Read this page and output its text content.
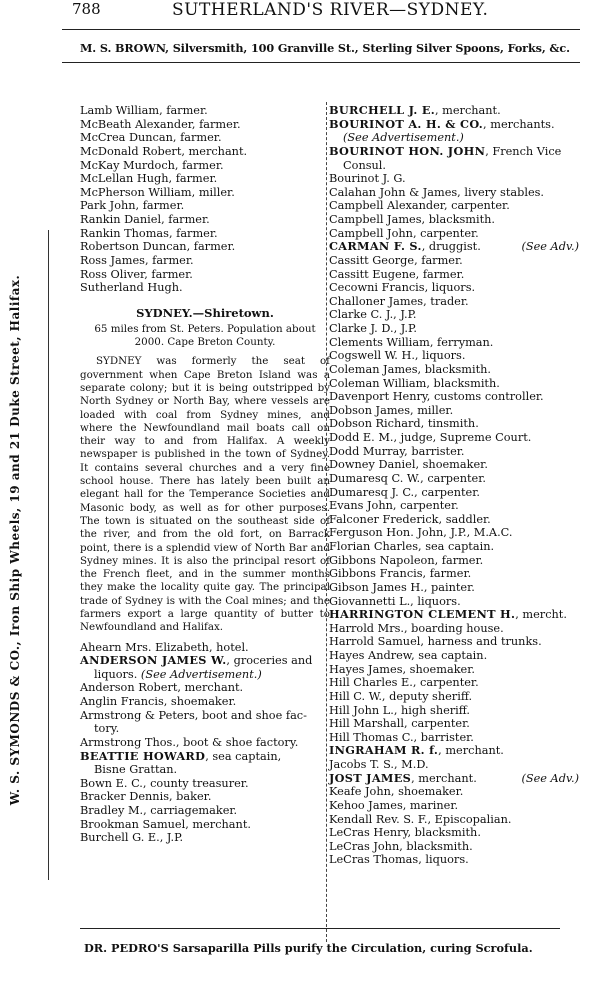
788	SUTHERLAND'S RIVER—SYDNEY.
M. S. BROWN, Silversmith, 100 Granville St., Sterling Silver Spoons, Forks, &c.
W. S. SYMONDS & CO., Iron Ship Wheels, 19 and 21 Duke Street, Halifax.
Lamb William, farmer.
McBeath Alexander, farmer.
McCrea Duncan, farmer.
McDonald Robert, merchant.
McKay Murdoch, farmer.
McLellan Hugh, farmer.
McPherson William, miller.
Park John, farmer.
Rankin Daniel, farmer.
Rankin Thomas, farmer.
Robertson Duncan, farmer.
Ross James, farmer.
Ross Oliver, farmer.
Sutherland Hugh.
SYDNEY.—Shiretown.
65 miles from St. Peters. Population about 2000. Cape Breton County.
SYDNEY was formerly the seat of government when Cape Breton Island was a separate colony; but it is being outstripped by North Sydney or North Bay, where vessels are loaded with coal from Sydney mines, and where the Newfoundland mail boats call on their way to and from Halifax. A weekly newspaper is published in the town of Sydney. It contains several churches and a very fine school house. There has lately been built an elegant hall for the Temperance Societies and Masonic body, as well as for other purposes. The town is situated on the southeast side of the river, and from the old fort, on Barrack point, there is a splendid view of North Bar and Sydney mines. It is also the principal resort of the French fleet, and in the summer months they make the locality quite gay. The principal trade of Sydney is with the Coal mines; and the farmers export a large quantity of butter to Newfoundland and Halifax.
Ahearn Mrs. Elizabeth, hotel.
ANDERSON JAMES W., groceries and
liquors. (See Advertisement.)
Anderson Robert, merchant.
Anglin Francis, shoemaker.
Armstrong & Peters, boot and shoe fac-
tory.
Armstrong Thos., boot & shoe factory.
BEATTIE HOWARD, sea captain,
Bisne Grattan.
Bown E. C., county treasurer.
Bracker Dennis, baker.
Bradley M., carriagemaker.
Brookman Samuel, merchant.
Burchell G. E., J.P.
BURCHELL J. E., merchant.
BOURINOT A. H. & CO., merchants.
(See Advertisement.)
BOURINOT HON. JOHN, French Vice
Consul.
Bourinot J. G.
Calahan John & James, livery stables.
Campbell Alexander, carpenter.
Campbell James, blacksmith.
Campbell John, carpenter.
CARMAN F. S., druggist.	(See Adv.)
Cassitt George, farmer.
Cassitt Eugene, farmer.
Cecowni Francis, liquors.
Challoner James, trader.
Clarke C. J., J.P.
Clarke J. D., J.P.
Clements William, ferryman.
Cogswell W. H., liquors.
Coleman James, blacksmith.
Coleman William, blacksmith.
Davenport Henry, customs controller.
Dobson James, miller.
Dobson Richard, tinsmith.
Dodd E. M., judge, Supreme Court.
Dodd Murray, barrister.
Downey Daniel, shoemaker.
Dumaresq C. W., carpenter.
Dumaresq J. C., carpenter.
Evans John, carpenter.
Falconer Frederick, saddler.
Ferguson Hon. John, J.P., M.A.C.
Florian Charles, sea captain.
Gibbons Napoleon, farmer.
Gibbons Francis, farmer.
Gibson James H., painter.
Giovannetti L., liquors.
HARRINGTON CLEMENT H., mercht.
Harrold Mrs., boarding house.
Harrold Samuel, harness and trunks.
Hayes Andrew, sea captain.
Hayes James, shoemaker.
Hill Charles E., carpenter.
Hill C. W., deputy sheriff.
Hill John L., high sheriff.
Hill Marshall, carpenter.
Hill Thomas C., barrister.
INGRAHAM R. f., merchant.
Jacobs T. S., M.D.
JOST JAMES, merchant.	(See Adv.)
Keafe John, shoemaker.
Kehoo James, mariner.
Kendall Rev. S. F., Episcopalian.
LeCras Henry, blacksmith.
LeCras John, blacksmith.
LeCras Thomas, liquors.
DR. PEDRO'S Sarsaparilla Pills purify the Circulation, curing Scrofula.
